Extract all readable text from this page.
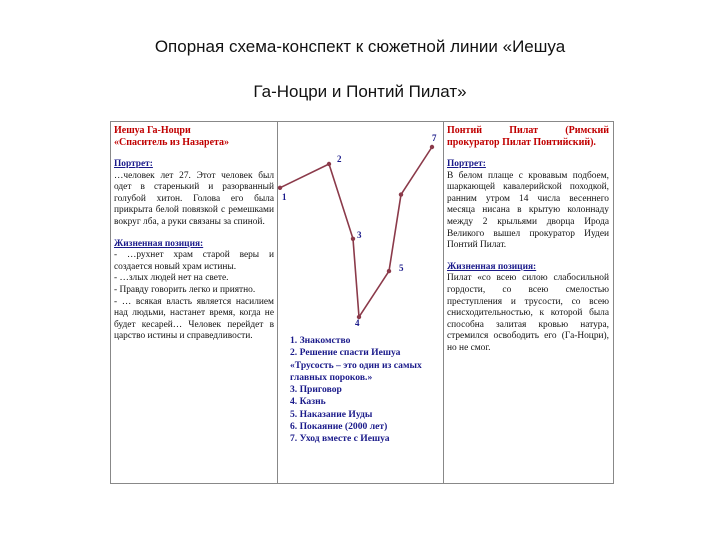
Опорная схема-конспект к сюжетной линии «Иешуа
Га-Ноцри и Понтий Пилат»
Иешуа Га-Ноцри
«Спаситель из Назарета»
Портрет:
…человек лет 27. Этот человек был одет в старенький и разорванный голубой хитон. Голова его была прикрыта белой повязкой с ремешками вокруг лба, а руки связаны за спиной.
Жизненная позиция:
- …рухнет храм старой веры и создается новый храм истины.
- …злых людей нет на свете.
- Правду говорить легко и приятно.
- … всякая власть является насилием над людьми, настанет время, когда не будет кесарей… Человек перейдет в царство истины и справедливости.
Понтий Пилат (Римский прокуратор Пилат Понтийский).
Портрет:
В белом плаще с кровавым подбоем, шаркающей кавалерийской походкой, ранним утром 14 числа весеннего месяца нисана в крытую колоннаду между 2 крыльями дворца Ирода Великого вышел прокуратор Иудеи Понтий Пилат.
Жизненная позиция:
Пилат «со всею силою слабосильной гордости, со всею смелостью преступления и трусости, со всею снисходительностью, к которой была способна залитая кровью натура, стремился освободить его (Га-Ноцри), но не смог.
1
2
3
4
5
7
1. Знакомство
2. Решение спасти Иешуа
«Трусость – это один из самых главных пороков.»
3. Приговор
4. Казнь
5. Наказание Иуды
6. Покаяние (2000 лет)
7. Уход вместе с Иешуа
